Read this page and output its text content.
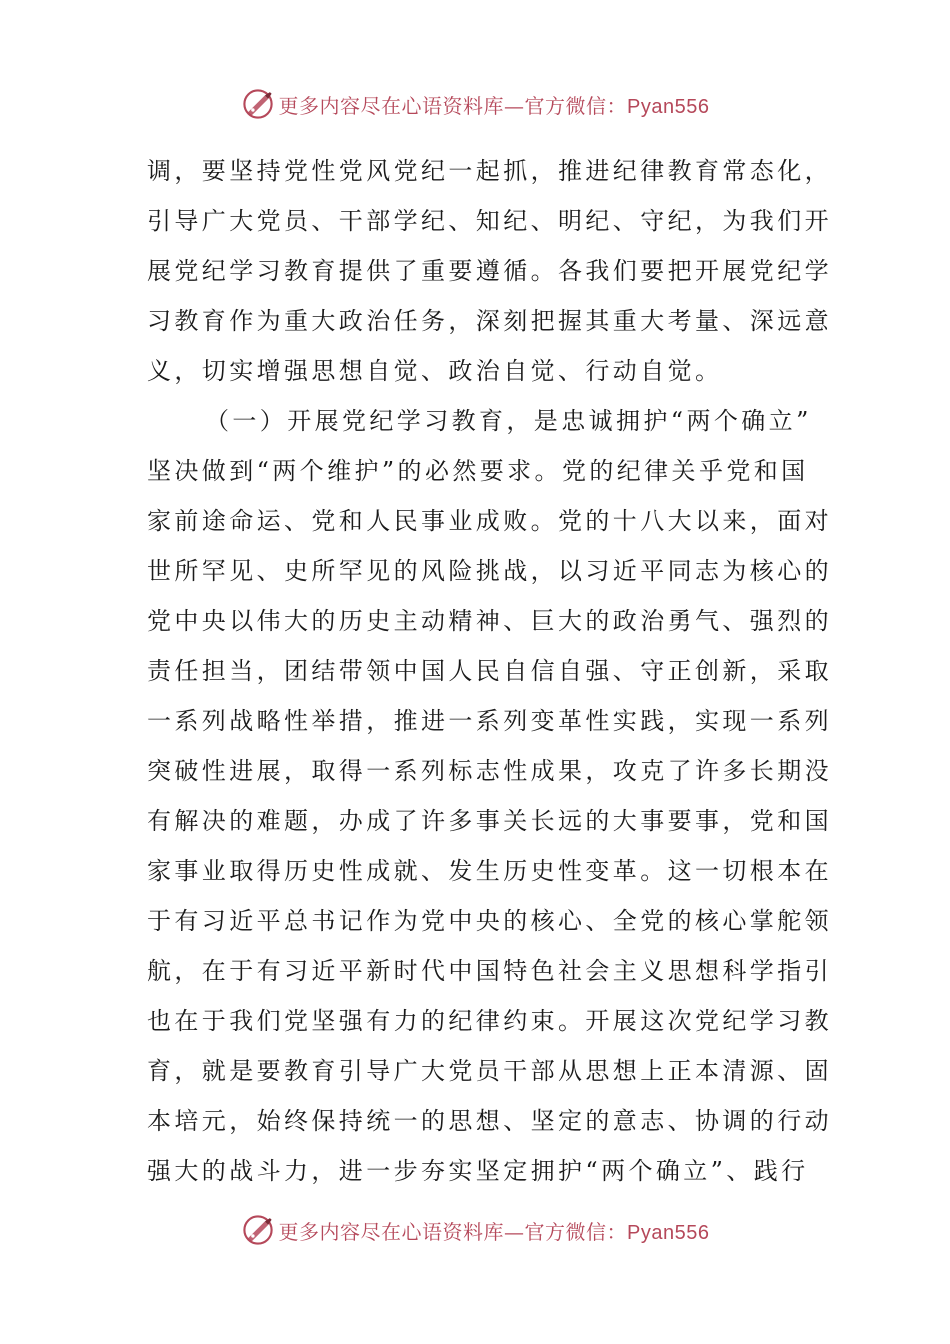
更多内容尽在心语资料库—官方微信：Pyan556
调，要坚持党性党风党纪一起抓，推进纪律教育常态化，
引导广大党员、干部学纪、知纪、明纪、守纪，为我们开
展党纪学习教育提供了重要遵循。各我们要把开展党纪学
习教育作为重大政治任务，深刻把握其重大考量、深远意
义，切实增强思想自觉、政治自觉、行动自觉。
（一）开展党纪学习教育，是忠诚拥护“两个确立”
坚决做到“两个维护”的必然要求。党的纪律关乎党和国
家前途命运、党和人民事业成败。党的十八大以来，面对
世所罕见、史所罕见的风险挑战，以习近平同志为核心的
党中央以伟大的历史主动精神、巨大的政治勇气、强烈的
责任担当，团结带领中国人民自信自强、守正创新，采取
一系列战略性举措，推进一系列变革性实践，实现一系列
突破性进展，取得一系列标志性成果，攻克了许多长期没
有解决的难题，办成了许多事关长远的大事要事，党和国
家事业取得历史性成就、发生历史性变革。这一切根本在
于有习近平总书记作为党中央的核心、全党的核心掌舵领
航，在于有习近平新时代中国特色社会主义思想科学指引
也在于我们党坚强有力的纪律约束。开展这次党纪学习教
育，就是要教育引导广大党员干部从思想上正本清源、固
本培元，始终保持统一的思想、坚定的意志、协调的行动
强大的战斗力，进一步夯实坚定拥护“两个确立”、践行
更多内容尽在心语资料库—官方微信：Pyan556
